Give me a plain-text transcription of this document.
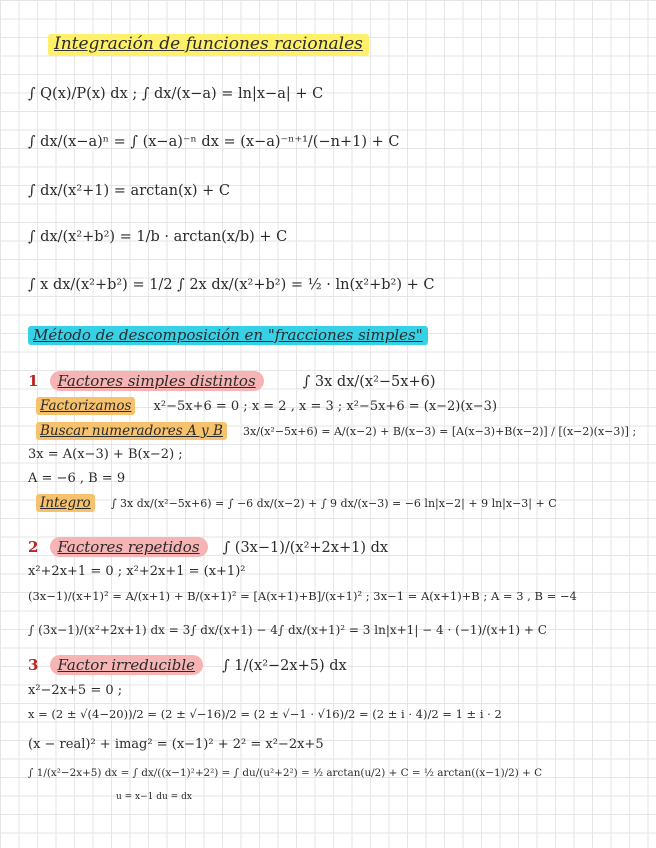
Integración de funciones racionales
∫ Q(x)/P(x) dx ; ∫ dx/(x−a) = ln|x−a| + C
∫ dx/(x−a)ⁿ = ∫ (x−a)⁻ⁿ dx = (x−a)⁻ⁿ⁺¹/(−n+1) + C
∫ dx/(x²+1) = arctan(x) + C
∫ dx/(x²+b²) = 1/b · arctan(x/b) + C
∫ x dx/(x²+b²) = 1/2 ∫ 2x dx/(x²+b²) = ½ · ln(x²+b²) + C
Método de descomposición en "fracciones simples"
1 Factores simples distintos	∫ 3x dx/(x²−5x+6)
Factorizamos x²−5x+6 = 0 ; x = 2 , x = 3 ; x²−5x+6 = (x−2)(x−3)
Buscar numeradores A y B 3x/(x²−5x+6) = A/(x−2) + B/(x−3) = [A(x−3)+B(x−2)] / [(x−2)(x−3)] ;
3x = A(x−3) + B(x−2) ;
A = −6 , B = 9
Integro ∫ 3x dx/(x²−5x+6) = ∫ −6 dx/(x−2) + ∫ 9 dx/(x−3) = −6 ln|x−2| + 9 ln|x−3| + C
2 Factores repetidos ∫ (3x−1)/(x²+2x+1) dx
x²+2x+1 = 0 ; x²+2x+1 = (x+1)²
(3x−1)/(x+1)² = A/(x+1) + B/(x+1)² = [A(x+1)+B]/(x+1)² ; 3x−1 = A(x+1)+B ; A = 3 , B = −4
∫ (3x−1)/(x²+2x+1) dx = 3∫ dx/(x+1) − 4∫ dx/(x+1)² = 3 ln|x+1| − 4 · (−1)/(x+1) + C
3 Factor irreducible ∫ 1/(x²−2x+5) dx
x²−2x+5 = 0 ;
x = (2 ± √(4−20))/2 = (2 ± √−16)/2 = (2 ± √−1 · √16)/2 = (2 ± i · 4)/2 = 1 ± i · 2
(x − real)² + imag² = (x−1)² + 2² = x²−2x+5
∫ 1/(x²−2x+5) dx = ∫ dx/((x−1)²+2²) = ∫ du/(u²+2²) = ½ arctan(u/2) + C = ½ arctan((x−1)/2) + C
u = x−1 du = dx
